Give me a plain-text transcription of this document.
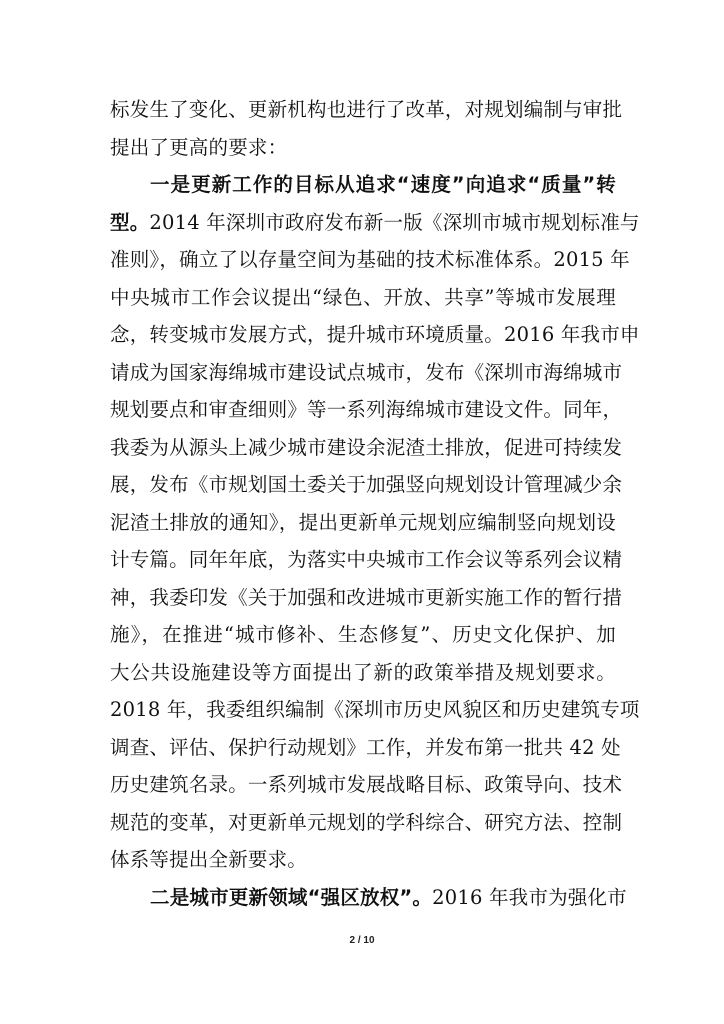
标发生了变化、更新机构也进行了改革，对规划编制与审批
提出了更高的要求：
一是更新工作的目标从追求“速度”向追求“质量”转
型。2014 年深圳市政府发布新一版《深圳市城市规划标准与
准则》，确立了以存量空间为基础的技术标准体系。2015 年
中央城市工作会议提出“绿色、开放、共享”等城市发展理
念，转变城市发展方式，提升城市环境质量。2016 年我市申
请成为国家海绵城市建设试点城市，发布《深圳市海绵城市
规划要点和审查细则》等一系列海绵城市建设文件。同年，
我委为从源头上减少城市建设余泥渣土排放，促进可持续发
展，发布《市规划国土委关于加强竖向规划设计管理减少余
泥渣土排放的通知》，提出更新单元规划应编制竖向规划设
计专篇。同年年底，为落实中央城市工作会议等系列会议精
神，我委印发《关于加强和改进城市更新实施工作的暂行措
施》，在推进“城市修补、生态修复”、历史文化保护、加
大公共设施建设等方面提出了新的政策举措及规划要求。
2018 年，我委组织编制《深圳市历史风貌区和历史建筑专项
调查、评估、保护行动规划》工作，并发布第一批共 42 处
历史建筑名录。一系列城市发展战略目标、政策导向、技术
规范的变革，对更新单元规划的学科综合、研究方法、控制
体系等提出全新要求。
二是城市更新领域“强区放权”。2016 年我市为强化市
2 / 10
